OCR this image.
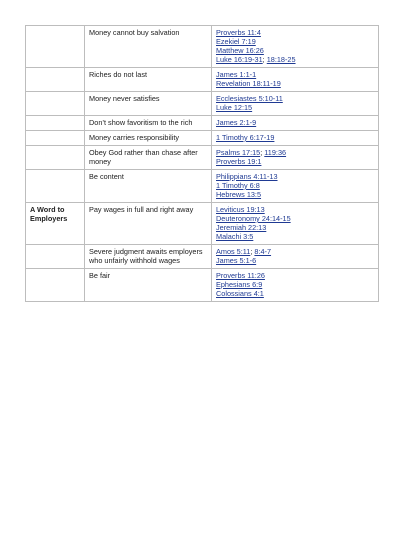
	Money cannot buy salvation	Proverbs 11:4
Ezekiel 7:19
Matthew 16:26
Luke 16:19-31; 18:18-25

	Riches do not last	James 1:1-1
Revelation 18:11-19

	Money never satisfies	Ecclesiastes 5:10-11
Luke 12:15

	Don’t show favoritism to the rich	James 2:1-9

	Money carries responsibility	1 Timothy 6:17-19

	Obey God rather than chase after money	Psalms 17:15; 119:36
Proverbs 19:1

	Be content	Philippians 4:11-13
1 Timothy 6:8
Hebrews 13:5

A Word to Employers	Pay wages in full and right away	Leviticus 19:13
Deuteronomy 24:14-15
Jeremiah 22:13
Malachi 3:5

	Severe judgment awaits employers who unfairly withhold wages	Amos 5:11; 8:4-7
James 5:1-6

	Be fair	Proverbs 11:26
Ephesians 6:9
Colossians 4:1
